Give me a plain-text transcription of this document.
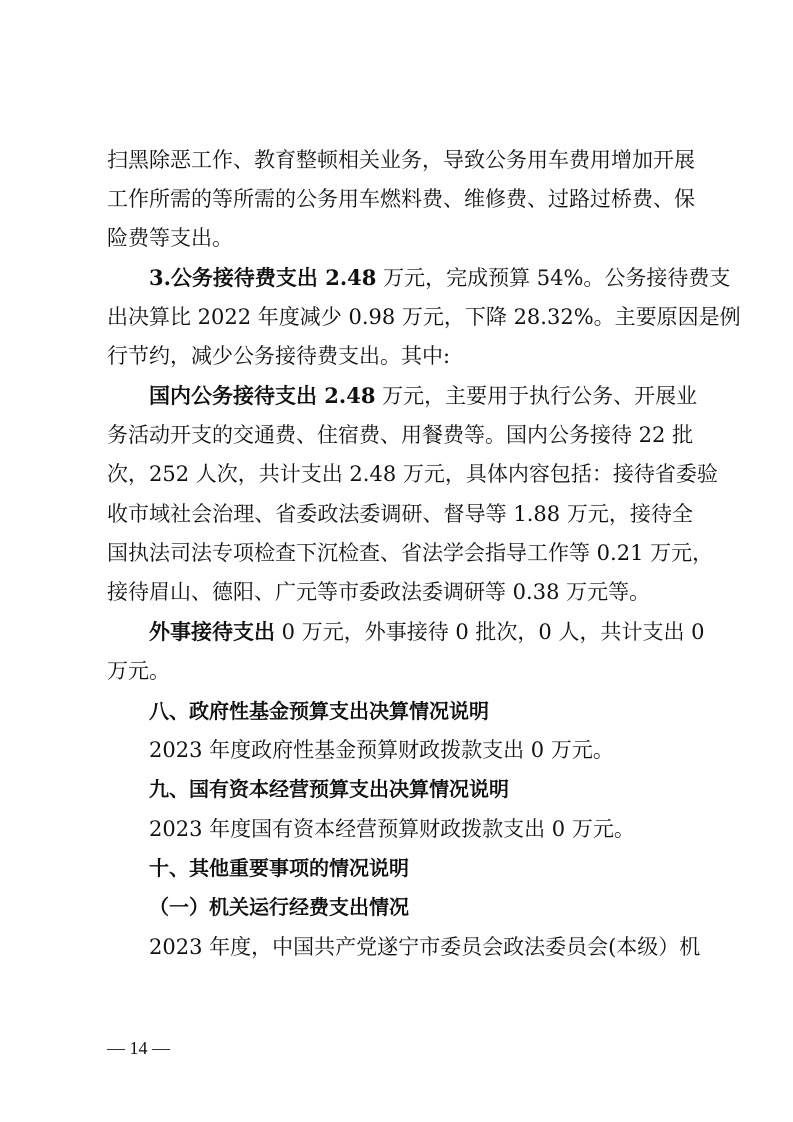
扫黑除恶工作、教育整顿相关业务，导致公务用车费用增加开展

工作所需的等所需的公务用车燃料费、维修费、过路过桥费、保

险费等支出。

3.公务接待费支出 2.48 万元，完成预算 54%。公务接待费支

出决算比 2022 年度减少 0.98 万元，下降 28.32%。主要原因是例

行节约，减少公务接待费支出。其中:

国内公务接待支出 2.48 万元，主要用于执行公务、开展业

务活动开支的交通费、住宿费、用餐费等。国内公务接待 22 批

次，252 人次，共计支出 2.48 万元，具体内容包括：接待省委验

收市域社会治理、省委政法委调研、督导等 1.88 万元，接待全

国执法司法专项检查下沉检查、省法学会指导工作等 0.21 万元，

接待眉山、德阳、广元等市委政法委调研等 0.38 万元等。

外事接待支出 0 万元，外事接待 0 批次，0 人，共计支出 0

万元。

八、政府性基金预算支出决算情况说明

2023 年度政府性基金预算财政拨款支出 0 万元。

九、国有资本经营预算支出决算情况说明

2023 年度国有资本经营预算财政拨款支出 0 万元。

十、其他重要事项的情况说明

（一）机关运行经费支出情况

2023 年度，中国共产党遂宁市委员会政法委员会(本级）机

— 14 —
